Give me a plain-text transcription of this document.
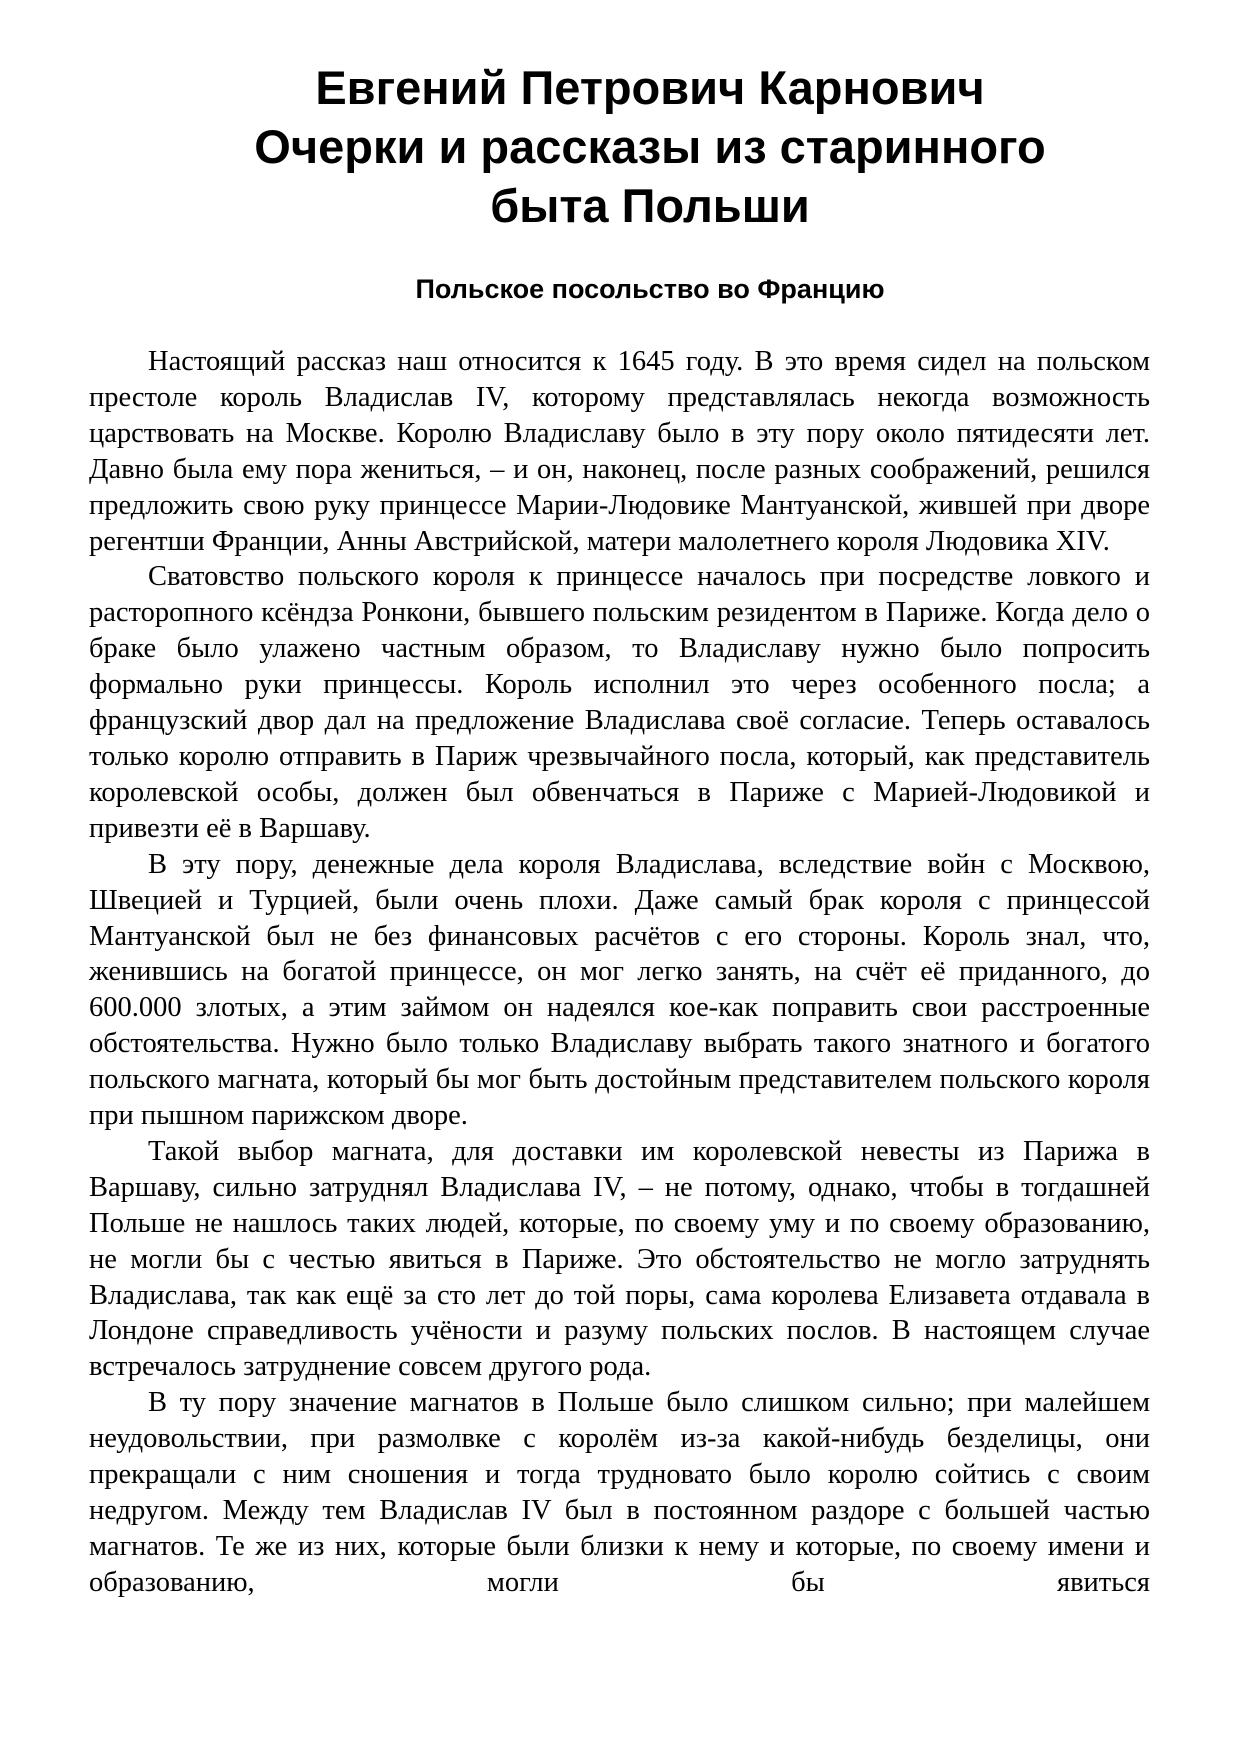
Евгений Петрович Карнович
Очерки и рассказы из старинного
быта Польши
Польское посольство во Францию

Настоящий рассказ наш относится к 1645 году. В это время сидел на польском престоле король Владислав IV, которому представлялась некогда возможность царствовать на Москве. Королю Владиславу было в эту пору около пятидесяти лет. Давно была ему пора жениться, – и он, наконец, после разных соображений, решился предложить свою руку принцессе Марии-Людовике Мантуанской, жившей при дворе регентши Франции, Анны Австрийской, матери малолетнего короля Людовика XIV.

Сватовство польского короля к принцессе началось при посредстве ловкого и расторопного ксёндза Ронкони, бывшего польским резидентом в Париже. Когда дело о браке было улажено частным образом, то Владиславу нужно было попросить формально руки принцессы. Король исполнил это через особенного посла; а французский двор дал на предложение Владислава своё согласие. Теперь оставалось только королю отправить в Париж чрезвычайного посла, который, как представитель королевской особы, должен был обвенчаться в Париже с Марией-Людовикой и привезти её в Варшаву.

В эту пору, денежные дела короля Владислава, вследствие войн с Москвою, Швецией и Турцией, были очень плохи. Даже самый брак короля с принцессой Мантуанской был не без финансовых расчётов с его стороны. Король знал, что, женившись на богатой принцессе, он мог легко занять, на счёт её приданного, до 600.000 злотых, а этим займом он надеялся кое-как поправить свои расстроенные обстоятельства. Нужно было только Владиславу выбрать такого знатного и богатого польского магната, который бы мог быть достойным представителем польского короля при пышном парижском дворе.

Такой выбор магната, для доставки им королевской невесты из Парижа в Варшаву, сильно затруднял Владислава IV, – не потому, однако, чтобы в тогдашней Польше не нашлось таких людей, которые, по своему уму и по своему образованию, не могли бы с честью явиться в Париже. Это обстоятельство не могло затруднять Владислава, так как ещё за сто лет до той поры, сама королева Елизавета отдавала в Лондоне справедливость учёности и разуму польских послов. В настоящем случае встречалось затруднение совсем другого рода.

В ту пору значение магнатов в Польше было слишком сильно; при малейшем неудовольствии, при размолвке с королём из-за какой-нибудь безделицы, они прекращали с ним сношения и тогда трудновато было королю сойтись с своим недругом. Между тем Владислав IV был в постоянном раздоре с большей частью магнатов. Те же из них, которые были близки к нему и которые, по своему имени и образованию, могли бы явиться
